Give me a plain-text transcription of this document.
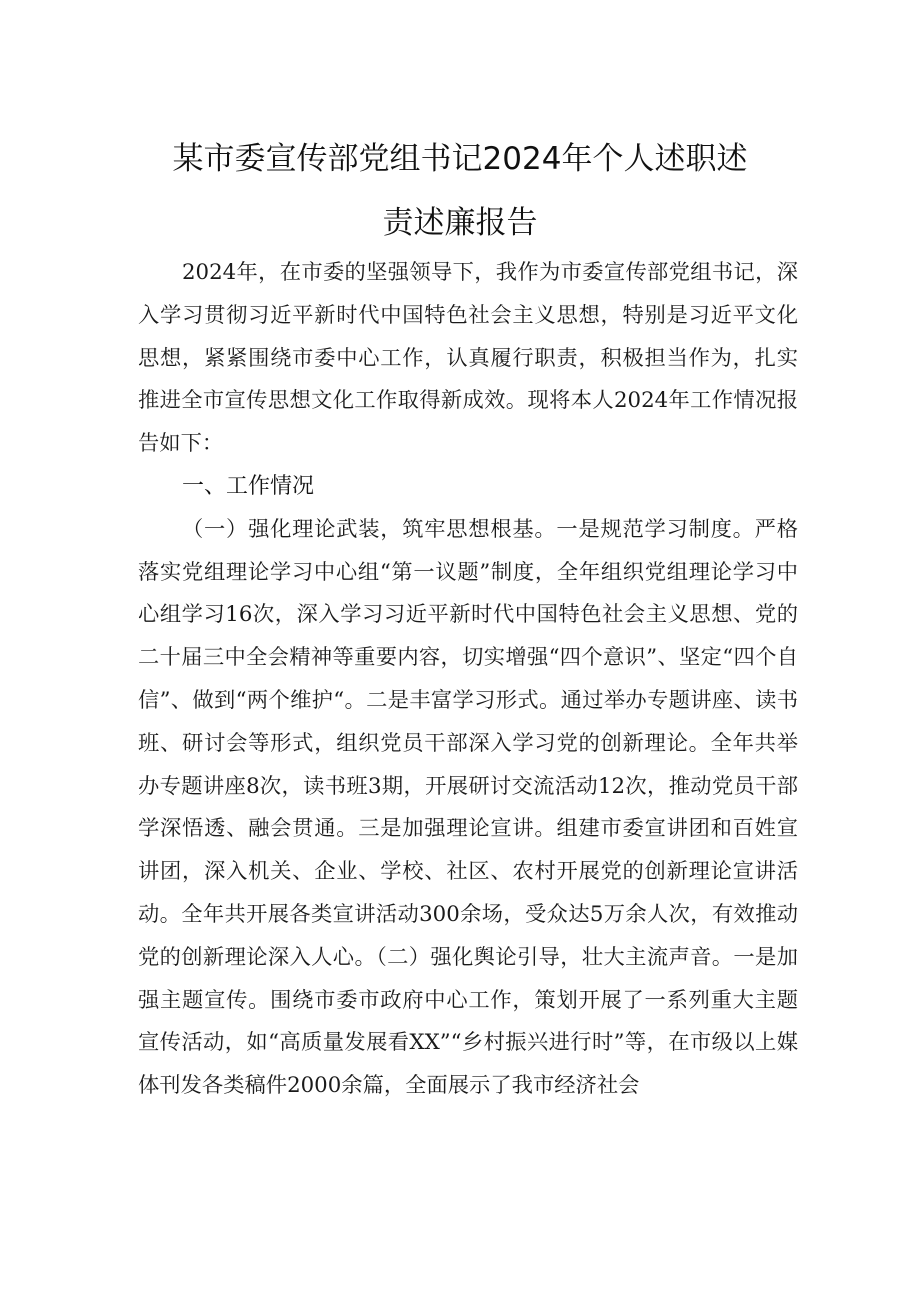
某市委宣传部党组书记2024年个人述职述
责述廉报告

2024年，在市委的坚强领导下，我作为市委宣传部党组书记，深入学习贯彻习近平新时代中国特色社会主义思想，特别是习近平文化思想，紧紧围绕市委中心工作，认真履行职责，积极担当作为，扎实推进全市宣传思想文化工作取得新成效。现将本人2024年工作情况报告如下：

一、工作情况

（一）强化理论武装，筑牢思想根基。一是规范学习制度。严格落实党组理论学习中心组“第一议题”制度，全年组织党组理论学习中心组学习16次，深入学习习近平新时代中国特色社会主义思想、党的二十届三中全会精神等重要内容，切实增强“四个意识”、坚定“四个自信”、做到“两个维护“。二是丰富学习形式。通过举办专题讲座、读书班、研讨会等形式，组织党员干部深入学习党的创新理论。全年共举办专题讲座8次，读书班3期，开展研讨交流活动12次，推动党员干部学深悟透、融会贯通。三是加强理论宣讲。组建市委宣讲团和百姓宣讲团，深入机关、企业、学校、社区、农村开展党的创新理论宣讲活动。全年共开展各类宣讲活动300余场，受众达5万余人次，有效推动党的创新理论深入人心。（二）强化舆论引导，壮大主流声音。一是加强主题宣传。围绕市委市政府中心工作，策划开展了一系列重大主题宣传活动，如“高质量发展看XX”“乡村振兴进行时”等，在市级以上媒体刊发各类稿件2000余篇，全面展示了我市经济社会
